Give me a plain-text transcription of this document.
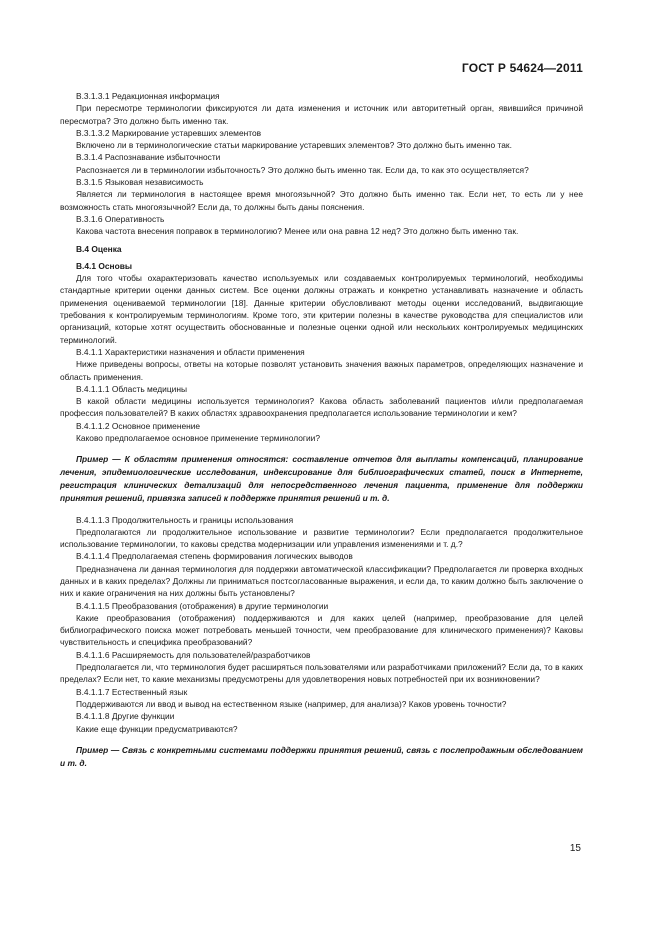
ГОСТ Р 54624—2011

В.3.1.3.1 Редакционная информация

При пересмотре терминологии фиксируются ли дата изменения и источник или авторитетный орган, явившийся причиной пересмотра? Это должно быть именно так.

В.3.1.3.2 Маркирование устаревших элементов

Включено ли в терминологические статьи маркирование устаревших элементов? Это должно быть именно так.

В.3.1.4 Распознавание избыточности

Распознается ли в терминологии избыточность? Это должно быть именно так. Если да, то как это осуществляется?

В.3.1.5 Языковая независимость

Является ли терминология в настоящее время многоязычной? Это должно быть именно так. Если нет, то есть ли у нее возможность стать многоязычной? Если да, то должны быть даны пояснения.

В.3.1.6 Оперативность

Какова частота внесения поправок в терминологию? Менее или она равна 12 нед? Это должно быть именно так.

В.4 Оценка

В.4.1 Основы

Для того чтобы охарактеризовать качество используемых или создаваемых контролируемых терминологий, необходимы стандартные критерии оценки данных систем. Все оценки должны отражать и конкретно устанавливать назначение и область применения оцениваемой терминологии [18]. Данные критерии обусловливают методы оценки исследований, выдвигающие требования к контролируемым терминологиям. Кроме того, эти критерии полезны в качестве руководства для специалистов или организаций, которые хотят осуществить обоснованные и полезные оценки одной или нескольких контролируемых медицинских терминологий.

В.4.1.1 Характеристики назначения и области применения

Ниже приведены вопросы, ответы на которые позволят установить значения важных параметров, определяющих назначение и область применения.

В.4.1.1.1 Область медицины

В какой области медицины используется терминология? Какова область заболеваний пациентов и/или предполагаемая профессия пользователей? В каких областях здравоохранения предполагается использование терминологии и кем?

В.4.1.1.2 Основное применение

Каково предполагаемое основное применение терминологии?

Пример — К областям применения относятся: составление отчетов для выплаты компенсаций, планирование лечения, эпидемиологические исследования, индексирование для библиографических статей, поиск в Интернете, регистрация клинических детализаций для непосредственного лечения пациента, применение для поддержки принятия решений, привязка записей к поддержке принятия решений и т. д.

В.4.1.1.3 Продолжительность и границы использования

Предполагаются ли продолжительное использование и развитие терминологии? Если предполагается продолжительное использование терминологии, то каковы средства модернизации или управления изменениями и т. д.?

В.4.1.1.4 Предполагаемая степень формирования логических выводов

Предназначена ли данная терминология для поддержки автоматической классификации? Предполагается ли проверка входных данных и в каких пределах? Должны ли приниматься постсогласованные выражения, и если да, то каким должно быть заключение о них и какие ограничения на них должны быть установлены?

В.4.1.1.5 Преобразования (отображения) в другие терминологии

Какие преобразования (отображения) поддерживаются и для каких целей (например, преобразование для целей библиографического поиска может потребовать меньшей точности, чем преобразование для клинического применения)? Каковы чувствительность и специфика преобразований?

В.4.1.1.6 Расширяемость для пользователей/разработчиков

Предполагается ли, что терминология будет расширяться пользователями или разработчиками приложений? Если да, то в каких пределах? Если нет, то какие механизмы предусмотрены для удовлетворения новых потребностей при их возникновении?

В.4.1.1.7 Естественный язык

Поддерживаются ли ввод и вывод на естественном языке (например, для анализа)? Каков уровень точности?

В.4.1.1.8 Другие функции

Какие еще функции предусматриваются?

Пример — Связь с конкретными системами поддержки принятия решений, связь с послепродажным обследованием и т. д.

15
